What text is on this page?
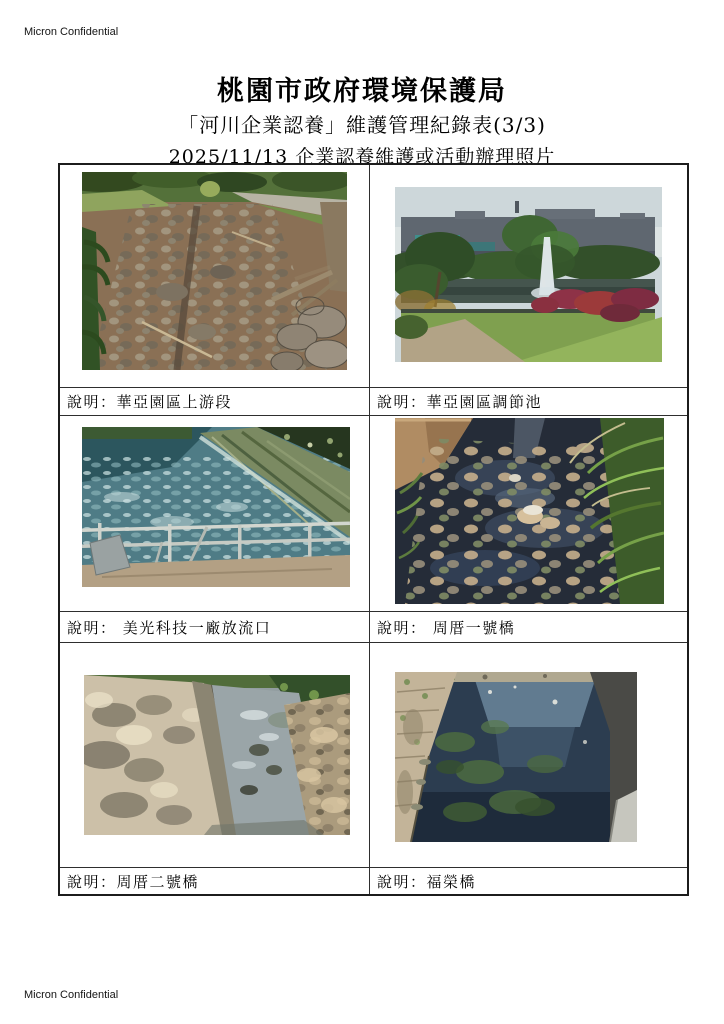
Micron Confidential
桃園市政府環境保護局
「河川企業認養」維護管理紀錄表(3/3)
2025/11/13 企業認養維護或活動辦理照片
說明：華亞園區上游段	說明：華亞園區調節池
說明： 美光科技一廠放流口	說明： 周厝一號橋
說明：周厝二號橋	說明：福榮橋
Micron Confidential
